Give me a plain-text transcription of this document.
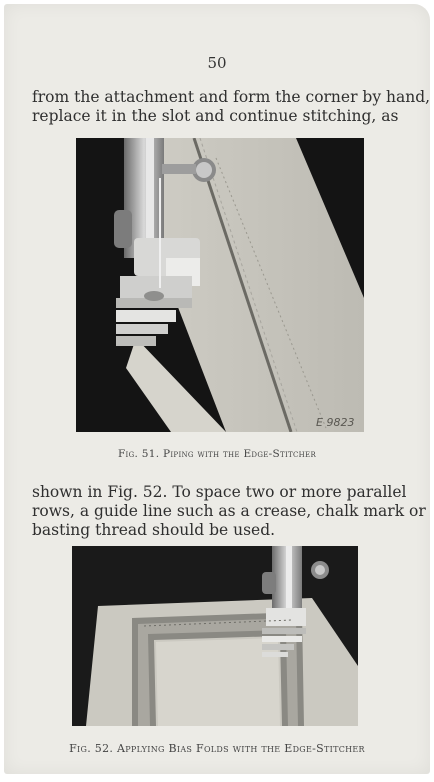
50
from the attachment and form the corner by hand,
replace it in the slot and continue stitching, as
E 9823
Fig. 51. Piping with the Edge-Stitcher
shown in Fig. 52. To space two or more parallel
rows, a guide line such as a crease, chalk mark or
basting thread should be used.
Fig. 52. Applying Bias Folds with the Edge-Stitcher
